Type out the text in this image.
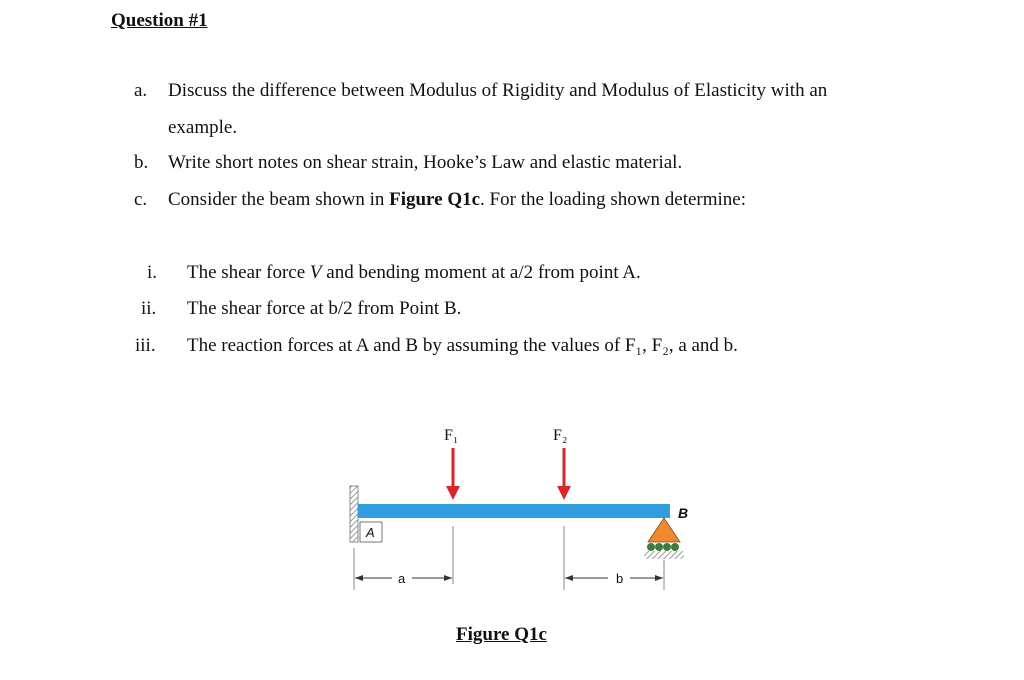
Question #1
a. Discuss the difference between Modulus of Rigidity and Modulus of Elasticity with an
example.
b. Write short notes on shear strain, Hooke’s Law and elastic material.
c. Consider the beam shown in Figure Q1c. For the loading shown determine:
i. The shear force V and bending moment at a/2 from point A.
ii. The shear force at b/2 from Point B.
iii. The reaction forces at A and B by assuming the values of F₁, F₂, a and b.
A
F₁	F₂
B
a	b
Figure Q1c
